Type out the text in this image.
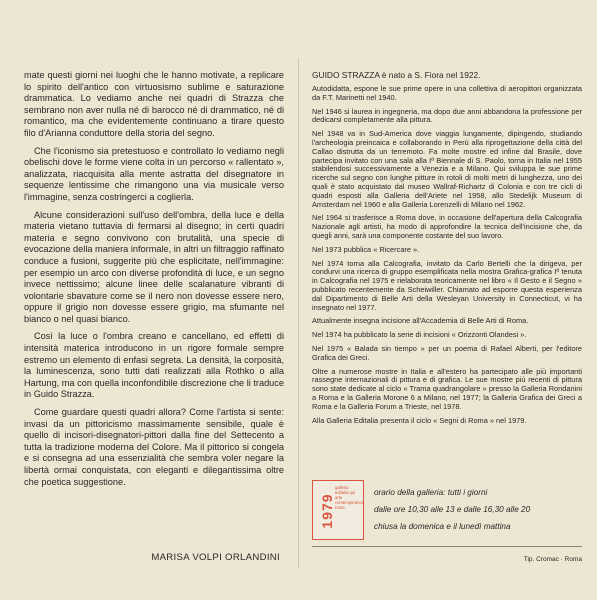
mate questi giorni nei luoghi che le hanno motivate, a replicare lo spirito dell'antico con virtuosismo sublime e saturazione drammatica. Lo vediamo anche nei quadri di Strazza che sembrano non aver nulla né di barocco né di drammatico, né di romantico, ma che evidentemente continuano a tirare questo filo d'Arianna conduttore della storia del segno.

Che l'iconismo sia pretestuoso e controllato lo vediamo negli obelischi dove le forme viene colta in un percorso « rallentato », analizzata, riacquisita alla mente astratta del disegnatore in sequenze lentissime che rimangono una via musicale verso l'immagine, senza costringerci a coglierla.

Alcune considerazioni sull'uso dell'ombra, della luce e della materia vietano tuttavia di fermarsi al disegno; in certi quadri materia e segno convivono con brutalità, una specie di evocazione della maniera informale, in altri un filtraggio raffinato conduce a fusioni, suggerite più che esplicitate, nell'immagine: per esempio un arco con diverse profondità di luce, e un segno invece nettissimo; alcune linee delle scalanature vibranti di volontarie sbavature come se il nero non dovesse essere nero, oppure il grigio non dovesse essere grigio, ma sfumante nel bianco o nel quasi bianco.

Così la luce o l'ombra creano e cancellano, ed effetti di intensità materica introducono in un rigore formale sempre estremo un elemento di enfasi segreta. La densità, la corposità, la luminescenza, sono tutti dati realizzati alla Rothko o alla Hartung, ma con quella inconfondibile discrezione che li traduce in Guido Strazza.

Come guardare questi quadri allora? Come l'artista si sente: invasi da un pittoricismo massimamente sensibile, quale è quello di incisori-disegnatori-pittori dalla fine del Settecento a tutta la tradizione moderna del Colore. Ma il pittorico si congela e si consegna ad una essenzialità che sembra voler negare la libertà ormai conquistata, con eleganti e dilegantissima oltre che poetica suggestione.

MARISA VOLPI ORLANDINI

GUIDO STRAZZA è nato a S. Fiora nel 1922.

Autodidatta, espone le sue prime opere in una collettiva di aeropittori organizzata da F.T. Marinetti nel 1940.

Nel 1946 si laurea in ingegneria, ma dopo due anni abbandona la professione per dedicarsi completamente alla pittura.

Nel 1948 va in Sud-America dove viaggia lungamente, dipingendo, studiando l'archeologia preincaica e collaborando in Perù alla riprogettazione della città del Callao distrutta da un terremoto. Fa molte mostre ed infine dal Brasile, dove partecipa invitato con una sala alla Iª Biennale di S. Paolo, torna in Italia nel 1955 stabilendosi successivamente a Venezia e a Milano. Qui sviluppa le sue prime ricerche sul segno con lunghe pitture in rotoli di molti metri di lunghezza, uno dei quali è stato acquistato dal museo Wallraf-Richartz di Colonia e con tre cicli di quadri esposti alla Galleria dell'Ariete nel 1958, allo Stedelijk Museum di Amsterdam nel 1960 e alla Galleria Lorenzelli di Milano nel 1962.

Nel 1964 si trasferisce a Roma dove, in occasione dell'apertura della Calcografia Nazionale agli artisti, ha modo di approfondire la tecnica dell'incisione che, da quegli anni, sarà una componente costante del suo lavoro.

Nel 1973 pubblica « Ricercare ».

Nel 1974 torna alla Calcografia, invitato da Carlo Bertelli che la dirigeva, per condurvi una ricerca di gruppo esemplificata nella mostra Grafica-grafica Iª tenuta in Calcografia nel 1975 e rielaborata teoricamente nel libro « Il Gesto e il Segno » pubblicato recentemente da Scheiwiller. Chiamato ad esporre questa esperienza dal Dipartimento di Belle Arti della Wesleyan University in Connecticut, vi ha insegnato nel 1977.

Attualmente insegna incisione all'Accademia di Belle Arti di Roma.

Nel 1974 ha pubblicato la serie di incisioni « Orizzonti Olandesi ».

Nel 1975 « Balada sin tiempo » per un poema di Rafael Alberti, per l'editore Grafica dei Greci.

Oltre a numerose mostre in Italia e all'estero ha partecipato alle più importanti rassegne internazionali di pittura e di grafica. Le sue mostre più recenti di pittura sono state dedicate al ciclo « Trama quadrangolare » presso la Galleria Rondanini a Roma e la Galleria Morone 6 a Milano, nel 1977; la Galleria Grafica dei Greci a Roma e la Galleria Forum a Trieste, nel 1978.

Alla Galleria Editalia presenta il ciclo « Segni di Roma » nel 1979.

1979
galleria editalia qui arte contemporanea roma
orario della galleria: tutti i giorni
dalle ore 10,30 alle 13 e dalle 16,30 alle 20
chiusa la domenica e il lunedì mattina
Tip. Cromac · Roma
